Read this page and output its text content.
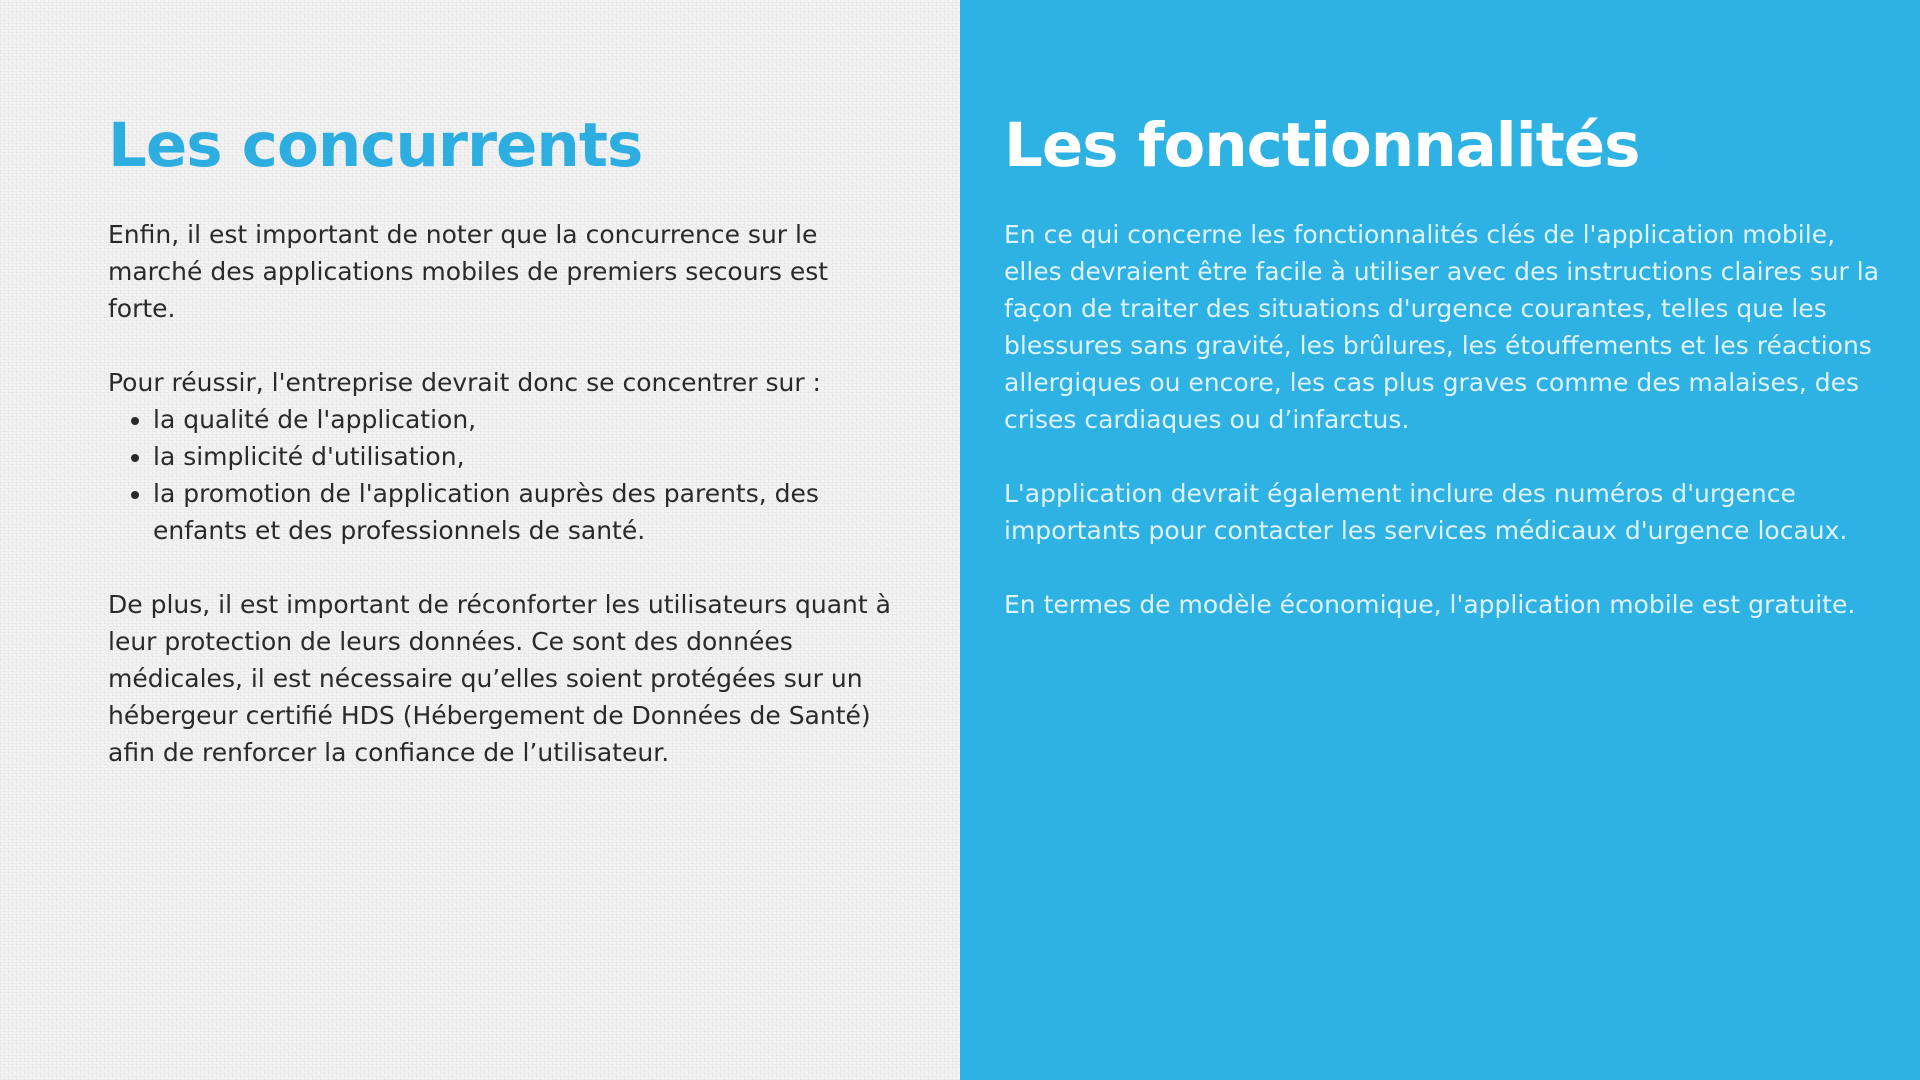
Les concurrents

Enfin, il est important de noter que la concurrence sur le marché des applications mobiles de premiers secours est forte.

Pour réussir, l'entreprise devrait donc se concentrer sur :

• la qualité de l'application,
• la simplicité d'utilisation,
• la promotion de l'application auprès des parents, des enfants et des professionnels de santé.

De plus, il est important de réconforter les utilisateurs quant à leur protection de leurs données. Ce sont des données médicales, il est nécessaire qu’elles soient protégées sur un hébergeur certifié HDS (Hébergement de Données de Santé) afin de renforcer la confiance de l’utilisateur.

Les fonctionnalités

En ce qui concerne les fonctionnalités clés de l'application mobile, elles devraient être facile à utiliser avec des instructions claires sur la façon de traiter des situations d'urgence courantes, telles que les blessures sans gravité, les brûlures, les étouffements et les réactions allergiques ou encore, les cas plus graves comme des malaises, des crises cardiaques ou d’infarctus.

L'application devrait également inclure des numéros d'urgence importants pour contacter les services médicaux d'urgence locaux.

En termes de modèle économique, l'application mobile est gratuite.
